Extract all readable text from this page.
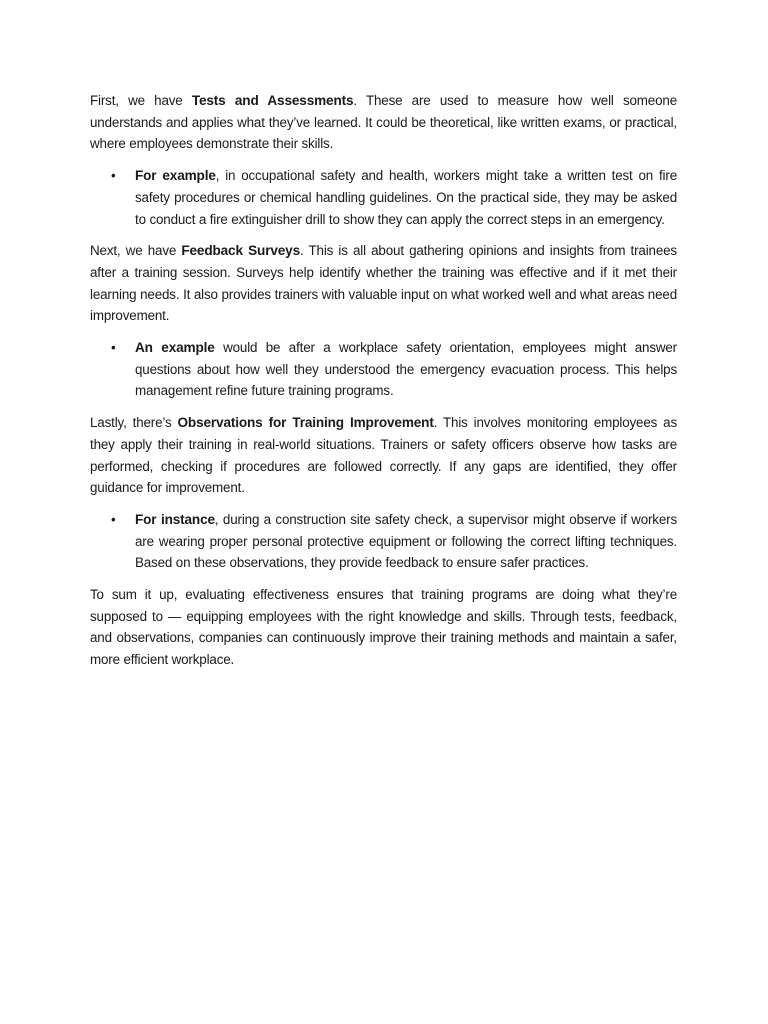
First, we have Tests and Assessments. These are used to measure how well someone understands and applies what they’ve learned. It could be theoretical, like written exams, or practical, where employees demonstrate their skills.

• For example, in occupational safety and health, workers might take a written test on fire safety procedures or chemical handling guidelines. On the practical side, they may be asked to conduct a fire extinguisher drill to show they can apply the correct steps in an emergency.

Next, we have Feedback Surveys. This is all about gathering opinions and insights from trainees after a training session. Surveys help identify whether the training was effective and if it met their learning needs. It also provides trainers with valuable input on what worked well and what areas need improvement.

• An example would be after a workplace safety orientation, employees might answer questions about how well they understood the emergency evacuation process. This helps management refine future training programs.

Lastly, there’s Observations for Training Improvement. This involves monitoring employees as they apply their training in real-world situations. Trainers or safety officers observe how tasks are performed, checking if procedures are followed correctly. If any gaps are identified, they offer guidance for improvement.

• For instance, during a construction site safety check, a supervisor might observe if workers are wearing proper personal protective equipment or following the correct lifting techniques. Based on these observations, they provide feedback to ensure safer practices.

To sum it up, evaluating effectiveness ensures that training programs are doing what they’re supposed to — equipping employees with the right knowledge and skills. Through tests, feedback, and observations, companies can continuously improve their training methods and maintain a safer, more efficient workplace.
